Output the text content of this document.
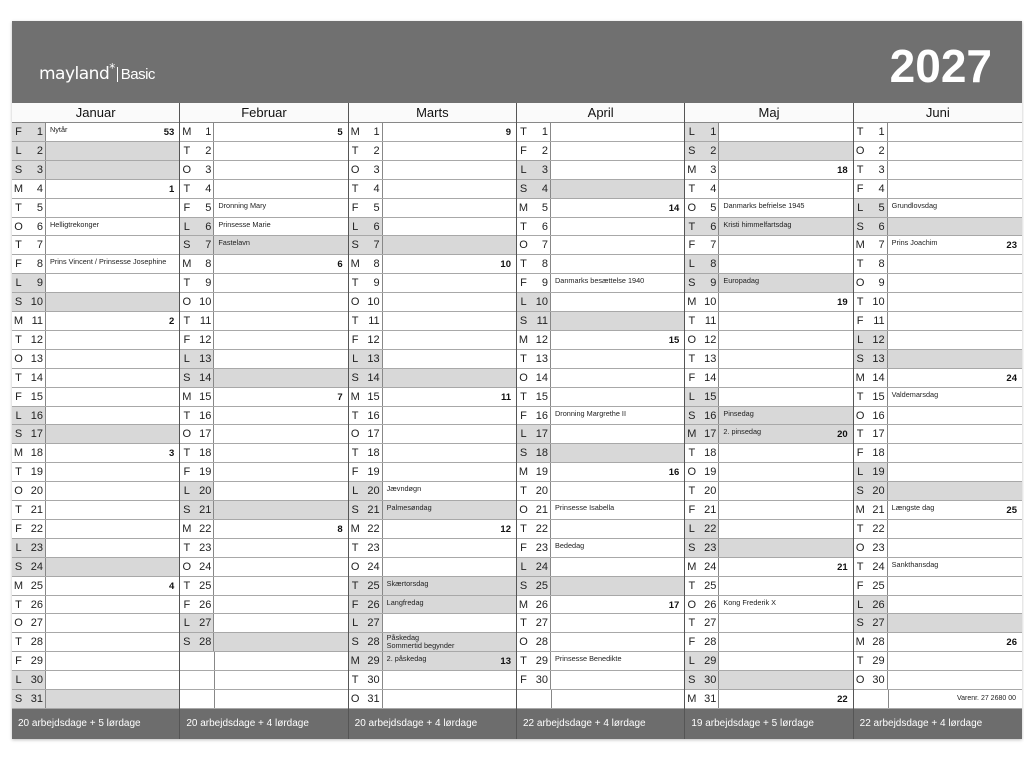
mayland * Basic	2027
Januar
F	1 Nytår	53
L	2
S	3
M	4	1
T	5
O	6 Helligtrekonger
T	7
F	8 Prins Vincent / Prinsesse Josephine
L	9
S 10
M 11	2
T 12
O 13
T 14
F 15
L 16
S 17
M 18	3
T 19
O 20
T 21
F 22
L 23
S 24
M 25	4
T 26
O 27
T 28
F 29
L 30
S 31
20 arbejdsdage + 5 lørdage
Februar
M	1	5
T	2
O	3
T	4
F	5 Dronning Mary
L	6 Prinsesse Marie
S	7 Fastelavn
M	8	6
T	9
O 10
T 11
F 12
L 13
S 14
M 15	7
T 16
O 17
T 18
F 19
L 20
S 21
M 22	8
T 23
O 24
T 25
F 26
L 27
S 28
20 arbejdsdage + 4 lørdage
Marts
M	1	9
T	2
O	3
T	4
F	5
L	6
S	7
M	8	10
T	9
O 10
T 11
F 12
L 13
S 14
M 15	11
T 16
O 17
T 18
F 19
L 20 Jævndøgn
S 21 Palmesøndag
M 22	12
T 23
O 24
T 25 Skærtorsdag
F 26 Langfredag
L 27
S 28 Påskedag
Sommertid begynder
M 29 2. påskedag	13
T 30
O 31
20 arbejdsdage + 4 lørdage
April
T	1
F	2
L	3
S	4
M	5	14
T	6
O	7
T	8
F	9 Danmarks besættelse 1940
L 10
S 11
M 12	15
T 13
O 14
T 15
F 16 Dronning Margrethe II
L 17
S 18
M 19	16
T 20
O 21 Prinsesse Isabella
T 22
F 23 Bededag
L 24
S 25
M 26	17
T 27
O 28
T 29 Prinsesse Benedikte
F 30
22 arbejdsdage + 4 lørdage
Maj
L	1
S	2
M	3	18
T	4
O	5 Danmarks befrielse 1945
T	6 Kristi himmelfartsdag
F	7
L	8
S	9 Europadag
M 10	19
T 11
O 12
T 13
F 14
L 15
S 16 Pinsedag
M 17 2. pinsedag	20
T 18
O 19
T 20
F 21
L 22
S 23
M 24	21
T 25
O 26 Kong Frederik X
T 27
F 28
L 29
S 30
M 31	22
19 arbejdsdage + 5 lørdage
Juni
T	1
O	2
T	3
F	4
L	5 Grundlovsdag
S	6
M	7 Prins Joachim	23
T	8
O	9
T 10
F 11
L 12
S 13
M 14	24
T 15 Valdemarsdag
O 16
T 17
F 18
L 19
S 20
M 21 Længste dag	25
T 22
O 23
T 24 Sankthansdag
F 25
L 26
S 27
M 28	26
T 29
O 30
Varenr. 27 2680 00
22 arbejdsdage + 4 lørdage
